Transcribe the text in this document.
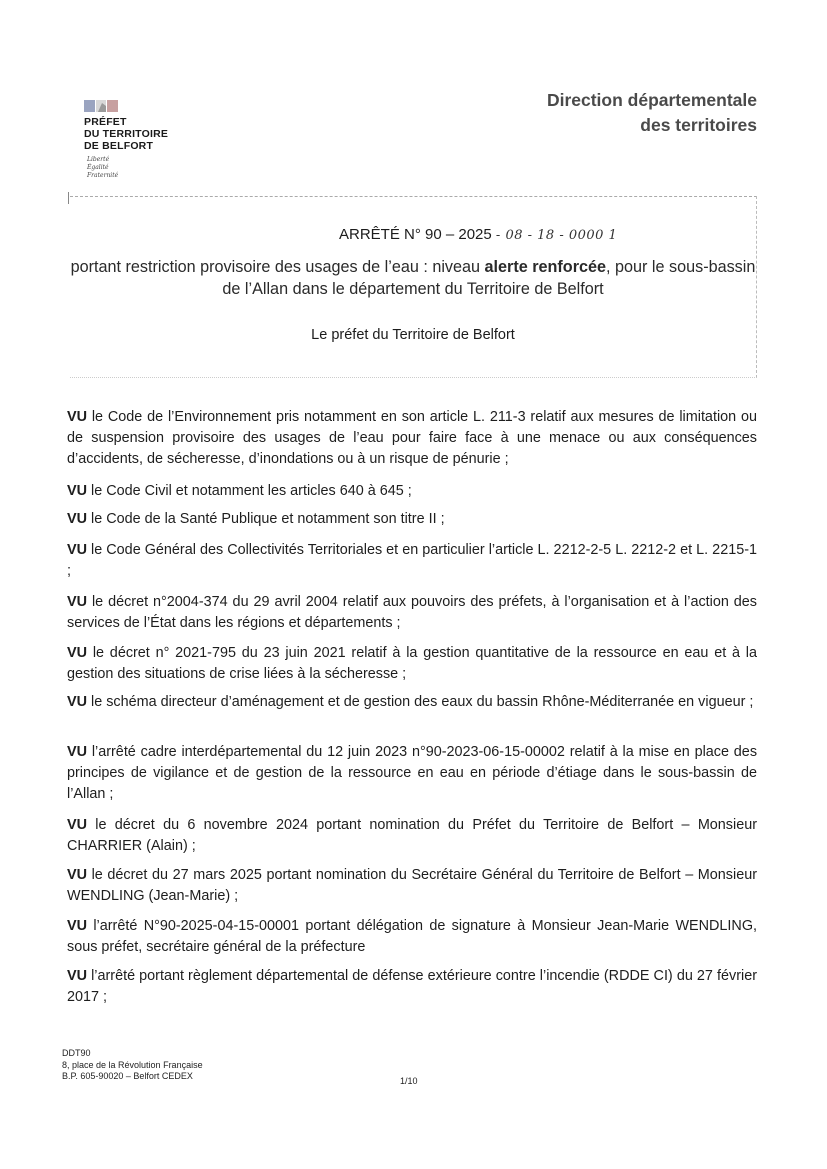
PRÉFET
DU TERRITOIRE
DE BELFORT
Liberté
Égalité
Fraternité
Direction départementale
des territoires
ARRÊTÉ N° 90 – 2025 - 08 - 18 - 0000 1
portant restriction provisoire des usages de l’eau : niveau alerte renforcée, pour le sous-bassin de l’Allan dans le département du Territoire de Belfort
Le préfet du Territoire de Belfort
VU le Code de l’Environnement pris notamment en son article L. 211-3 relatif aux mesures de limitation ou de suspension provisoire des usages de l’eau pour faire face à une menace ou aux conséquences d’accidents, de sécheresse, d’inondations ou à un risque de pénurie ;
VU le Code Civil et notamment les articles 640 à 645 ;
VU le Code de la Santé Publique et notamment son titre II ;
VU le Code Général des Collectivités Territoriales et en particulier l’article L. 2212-2-5 L. 2212-2 et L. 2215-1 ;
VU le décret n°2004-374 du 29 avril 2004 relatif aux pouvoirs des préfets, à l’organisation et à l’action des services de l’État dans les régions et départements ;
VU le décret n° 2021-795 du 23 juin 2021 relatif à la gestion quantitative de la ressource en eau et à la gestion des situations de crise liées à la sécheresse ;
VU le schéma directeur d’aménagement et de gestion des eaux du bassin Rhône-Méditerranée en vigueur ;
VU l’arrêté cadre interdépartemental du 12 juin 2023 n°90-2023-06-15-00002 relatif à la mise en place des principes de vigilance et de gestion de la ressource en eau en période d’étiage dans le sous-bassin de l’Allan ;
VU le décret du 6 novembre 2024 portant nomination du Préfet du Territoire de Belfort – Monsieur CHARRIER (Alain) ;
VU le décret du 27 mars 2025 portant nomination du Secrétaire Général du Territoire de Belfort – Monsieur WENDLING (Jean-Marie) ;
VU l’arrêté N°90-2025-04-15-00001 portant délégation de signature à Monsieur Jean-Marie WENDLING, sous préfet, secrétaire général de la préfecture
VU l’arrêté portant règlement départemental de défense extérieure contre l’incendie (RDDE CI) du 27 février 2017 ;
DDT90
8, place de la Révolution Française
B.P. 605-90020 – Belfort CEDEX	1/10
